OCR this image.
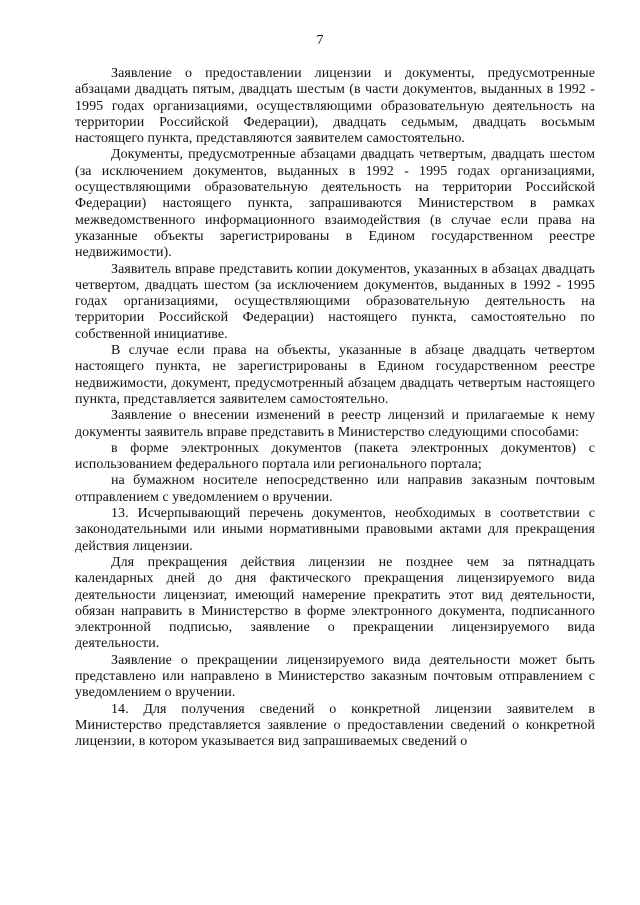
7

Заявление о предоставлении лицензии и документы, предусмотренные абзацами двадцать пятым, двадцать шестым (в части документов, выданных в 1992 - 1995 годах организациями, осуществляющими образовательную деятельность на территории Российской Федерации), двадцать седьмым, двадцать восьмым настоящего пункта, представляются заявителем самостоятельно.

Документы, предусмотренные абзацами двадцать четвертым, двадцать шестом (за исключением документов, выданных в 1992 - 1995 годах организациями, осуществляющими образовательную деятельность на территории Российской Федерации) настоящего пункта, запрашиваются Министерством в рамках межведомственного информационного взаимодействия (в случае если права на указанные объекты зарегистрированы в Едином государственном реестре недвижимости).

Заявитель вправе представить копии документов, указанных в абзацах двадцать четвертом, двадцать шестом (за исключением документов, выданных в 1992 - 1995 годах организациями, осуществляющими образовательную деятельность на территории Российской Федерации) настоящего пункта, самостоятельно по собственной инициативе.

В случае если права на объекты, указанные в абзаце двадцать четвертом настоящего пункта, не зарегистрированы в Едином государственном реестре недвижимости, документ, предусмотренный абзацем двадцать четвертым настоящего пункта, представляется заявителем самостоятельно.

Заявление о внесении изменений в реестр лицензий и прилагаемые к нему документы заявитель вправе представить в Министерство следующими способами:

в форме электронных документов (пакета электронных документов) с использованием федерального портала или регионального портала;

на бумажном носителе непосредственно или направив заказным почтовым отправлением с уведомлением о вручении.

13. Исчерпывающий перечень документов, необходимых в соответствии с законодательными или иными нормативными правовыми актами для прекращения действия лицензии.

Для прекращения действия лицензии не позднее чем за пятнадцать календарных дней до дня фактического прекращения лицензируемого вида деятельности лицензиат, имеющий намерение прекратить этот вид деятельности, обязан направить в Министерство в форме электронного документа, подписанного электронной подписью, заявление о прекращении лицензируемого вида деятельности.

Заявление о прекращении лицензируемого вида деятельности может быть представлено или направлено в Министерство заказным почтовым отправлением с уведомлением о вручении.

14. Для получения сведений о конкретной лицензии заявителем в Министерство представляется заявление о предоставлении сведений о конкретной лицензии, в котором указывается вид запрашиваемых сведений о
